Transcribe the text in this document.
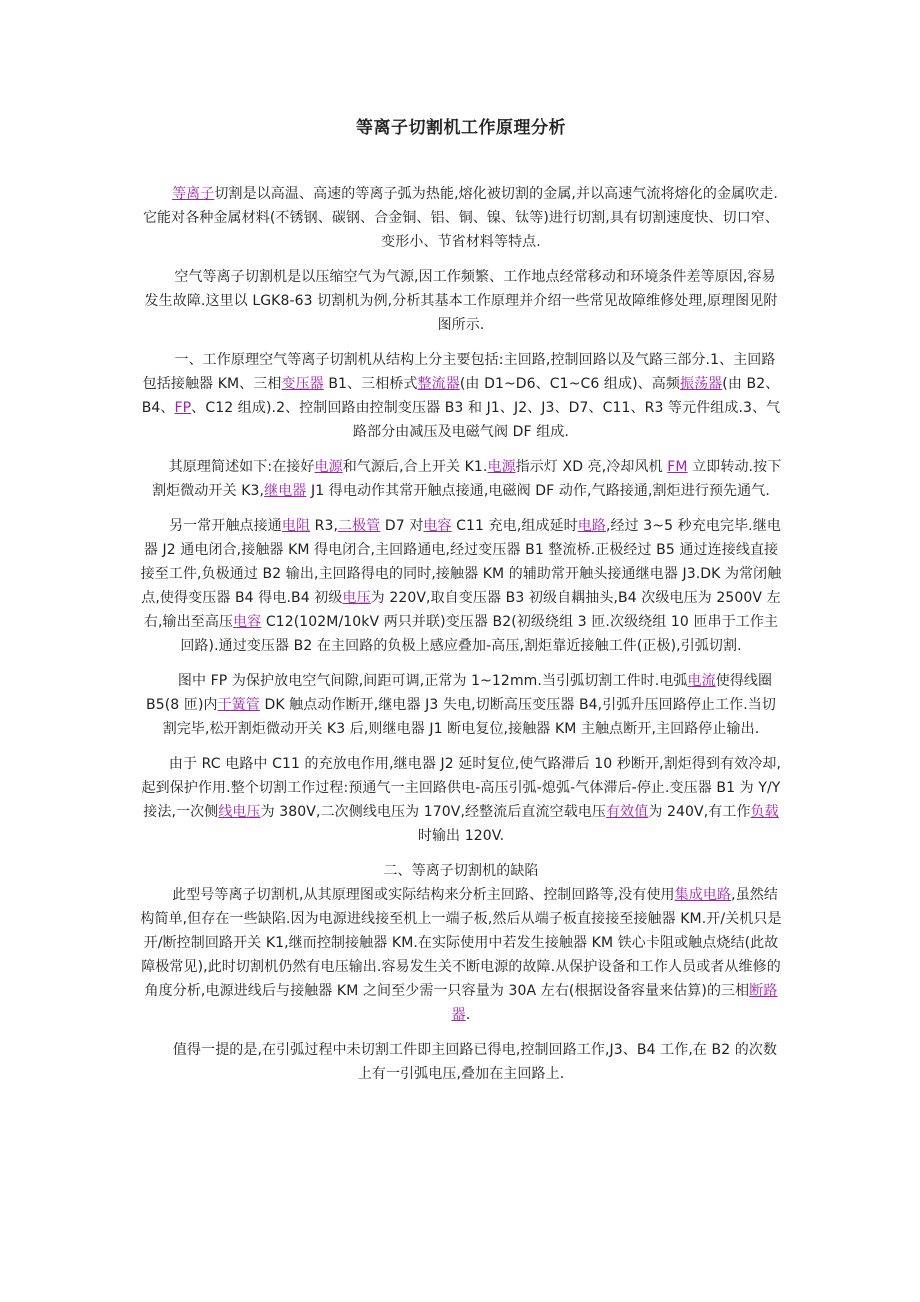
等离子切割机工作原理分析

等离子切割是以高温、高速的等离子弧为热能,熔化被切割的金属,并以高速气流将熔化的金属吹走.它能对各种金属材料(不锈钢、碳钢、合金铜、铝、铜、镍、钛等)进行切割,具有切割速度快、切口窄、变形小、节省材料等特点.

空气等离子切割机是以压缩空气为气源,因工作频繁、工作地点经常移动和环境条件差等原因,容易发生故障.这里以 LGK8-63 切割机为例,分析其基本工作原理并介绍一些常见故障维修处理,原理图见附图所示.

一、工作原理空气等离子切割机从结构上分主要包括:主回路,控制回路以及气路三部分.1、主回路包括接触器 KM、三相变压器 B1、三相桥式整流器(由 D1~D6、C1~C6 组成)、高频振荡器(由 B2、B4、FP、C12 组成).2、控制回路由控制变压器 B3 和 J1、J2、J3、D7、C11、R3 等元件组成.3、气路部分由减压及电磁气阀 DF 组成.

其原理简述如下:在接好电源和气源后,合上开关 K1.电源指示灯 XD 亮,冷却风机 FM 立即转动.按下割炬微动开关 K3,继电器 J1 得电动作其常开触点接通,电磁阀 DF 动作,气路接通,割炬进行预先通气.

另一常开触点接通电阻 R3,二极管 D7 对电容 C11 充电,组成延时电路,经过 3~5 秒充电完毕.继电器 J2 通电闭合,接触器 KM 得电闭合,主回路通电,经过变压器 B1 整流桥.正极经过 B5 通过连接线直接接至工件,负极通过 B2 输出,主回路得电的同时,接触器 KM 的辅助常开触头接通继电器 J3.DK 为常闭触点,使得变压器 B4 得电.B4 初级电压为 220V,取自变压器 B3 初级自耦抽头,B4 次级电压为 2500V 左右,输出至高压电容 C12(102M/10kV 两只并联)变压器 B2(初级绕组 3 匝.次级绕组 10 匝串于工作主回路).通过变压器 B2 在主回路的负极上感应叠加-高压,割炬靠近接触工件(正极),引弧切割.

图中 FP 为保护放电空气间隙,间距可调,正常为 1~12mm.当引弧切割工件时.电弧电流使得线圈 B5(8 匝)内干簧管 DK 触点动作断开,继电器 J3 失电,切断高压变压器 B4,引弧升压回路停止工作.当切割完毕,松开割炬微动开关 K3 后,则继电器 J1 断电复位,接触器 KM 主触点断开,主回路停止输出.

由于 RC 电路中 C11 的充放电作用,继电器 J2 延时复位,使气路滞后 10 秒断开,割炬得到有效冷却,起到保护作用.整个切割工作过程:预通气一主回路供电-高压引弧-熄弧-气体滞后-停止.变压器 B1 为 Y/Y 接法,一次侧线电压为 380V,二次侧线电压为 170V,经整流后直流空载电压有效值为 240V,有工作负载时输出 120V.

二、等离子切割机的缺陷

此型号等离子切割机,从其原理图或实际结构来分析主回路、控制回路等,没有使用集成电路,虽然结构简单,但存在一些缺陷.因为电源进线接至机上一端子板,然后从端子板直接接至接触器 KM.开/关机只是开/断控制回路开关 K1,继而控制接触器 KM.在实际使用中若发生接触器 KM 铁心卡阻或触点烧结(此故障极常见),此时切割机仍然有电压输出.容易发生关不断电源的故障.从保护设备和工作人员或者从维修的角度分析,电源进线后与接触器 KM 之间至少需一只容量为 30A 左右(根据设备容量来估算)的三相断路器.

值得一提的是,在引弧过程中未切割工件即主回路已得电,控制回路工作,J3、B4 工作,在 B2 的次数上有一引弧电压,叠加在主回路上.
